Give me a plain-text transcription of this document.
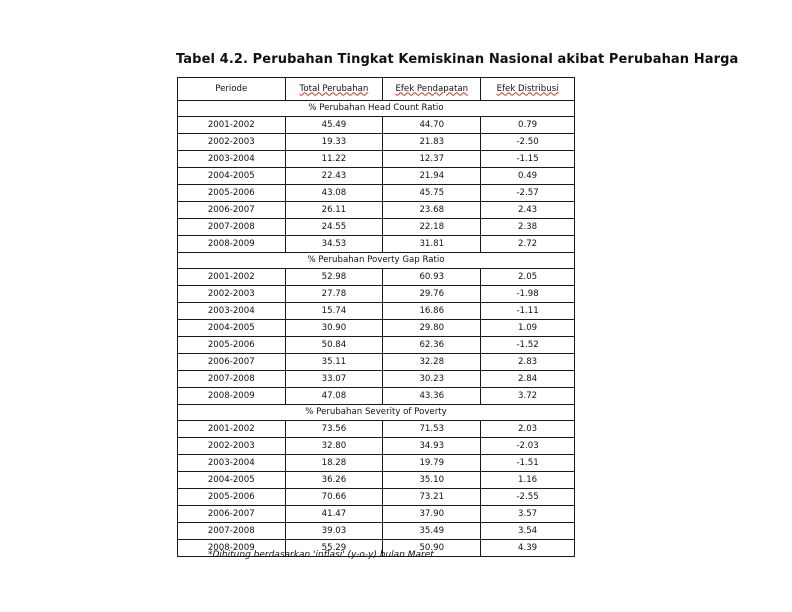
Tabel 4.2. Perubahan Tingkat Kemiskinan Nasional akibat Perubahan Harga
Periode	Total Perubahan	Efek Pendapatan	Efek Distribusi
% Perubahan Head Count Ratio			
2001-2002	45.49	44.70	0.79
2002-2003	19.33	21.83	-2.50
2003-2004	11.22	12.37	-1.15
2004-2005	22.43	21.94	0.49
2005-2006	43.08	45.75	-2.57
2006-2007	26.11	23.68	2.43
2007-2008	24.55	22.18	2.38
2008-2009	34.53	31.81	2.72
% Perubahan Poverty Gap Ratio			
2001-2002	52.98	60.93	2.05
2002-2003	27.78	29.76	-1.98
2003-2004	15.74	16.86	-1.11
2004-2005	30.90	29.80	1.09
2005-2006	50.84	62.36	-1.52
2006-2007	35.11	32.28	2.83
2007-2008	33.07	30.23	2.84
2008-2009	47.08	43.36	3.72
% Perubahan Severity of Poverty			
2001-2002	73.56	71.53	2.03
2002-2003	32.80	34.93	-2.03
2003-2004	18.28	19.79	-1.51
2004-2005	36.26	35.10	1.16
2005-2006	70.66	73.21	-2.55
2006-2007	41.47	37.90	3.57
2007-2008	39.03	35.49	3.54
2008-2009	55.29	50.90	4.39
*Dihitung berdasarkan 'inflasi' (y-o-y) bulan Maret
